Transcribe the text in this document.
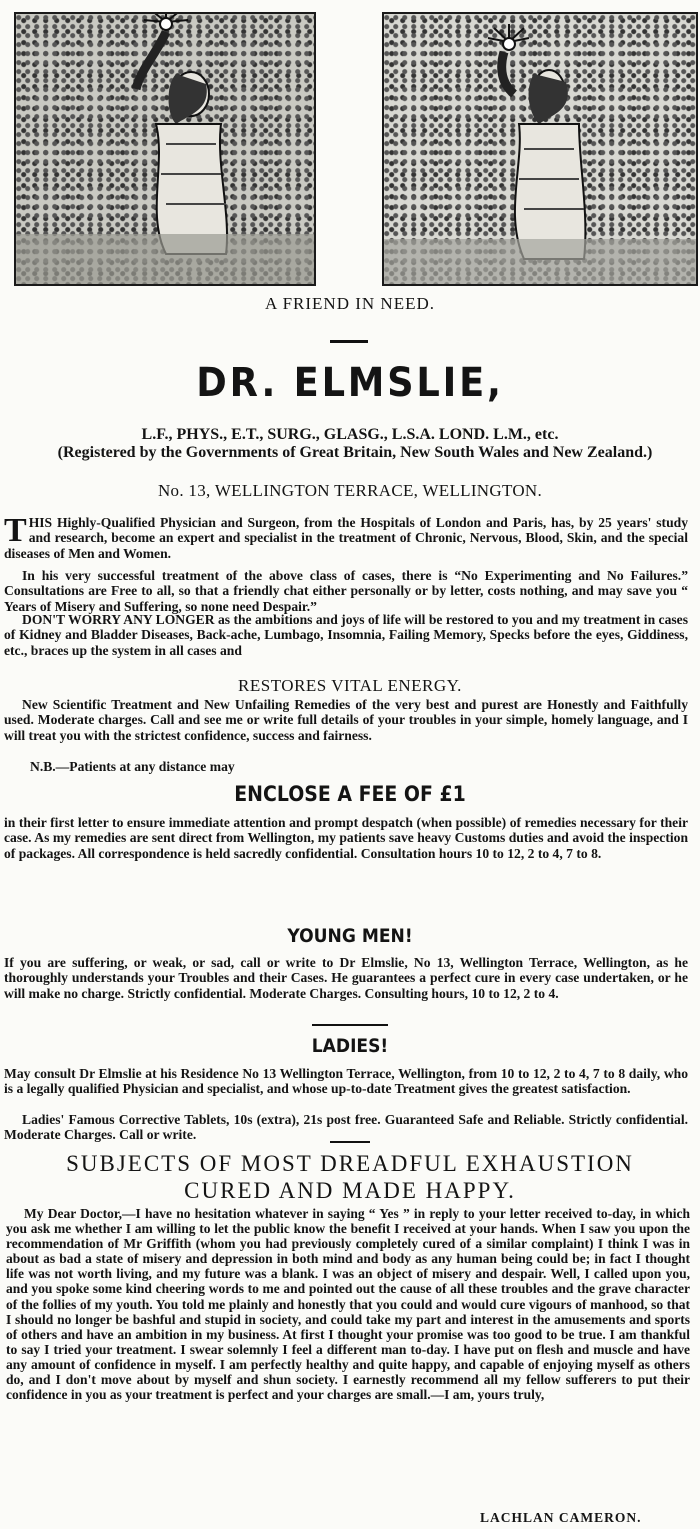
A FRIEND IN NEED.
DR. ELMSLIE,
L.F., PHYS., E.T., SURG., GLASG., L.S.A. LOND. L.M., etc.
(Registered by the Governments of Great Britain, New South Wales and New Zealand.)
No. 13, WELLINGTON TERRACE, WELLINGTON.
THIS Highly-Qualified Physician and Surgeon, from the Hospitals of London and Paris, has, by 25 years' study and research, become an expert and specialist in the treatment of Chronic, Nervous, Blood, Skin, and the special diseases of Men and Women.
In his very successful treatment of the above class of cases, there is “No Experimenting and No Failures.” Consultations are Free to all, so that a friendly chat either personally or by letter, costs nothing, and may save you “ Years of Misery and Suffering, so none need Despair.”
DON'T WORRY ANY LONGER as the ambitions and joys of life will be restored to you and my treatment in cases of Kidney and Bladder Diseases, Back-ache, Lumbago, Insomnia, Failing Memory, Specks before the eyes, Giddiness, etc., braces up the system in all cases and
RESTORES VITAL ENERGY.
New Scientific Treatment and New Unfailing Remedies of the very best and purest are Honestly and Faithfully used. Moderate charges. Call and see me or write full details of your troubles in your simple, homely language, and I will treat you with the strictest confidence, success and fairness.
N.B.—Patients at any distance may
ENCLOSE A FEE OF £1
in their first letter to ensure immediate attention and prompt despatch (when possible) of remedies necessary for their case. As my remedies are sent direct from Wellington, my patients save heavy Customs duties and avoid the inspection of packages. All correspondence is held sacredly confidential. Consultation hours 10 to 12, 2 to 4, 7 to 8.
YOUNG MEN!
If you are suffering, or weak, or sad, call or write to Dr Elmslie, No 13, Wellington Terrace, Wellington, as he thoroughly understands your Troubles and their Cases. He guarantees a perfect cure in every case undertaken, or he will make no charge. Strictly confidential. Moderate Charges. Consulting hours, 10 to 12, 2 to 4.
LADIES!
May consult Dr Elmslie at his Residence No 13 Wellington Terrace, Wellington, from 10 to 12, 2 to 4, 7 to 8 daily, who is a legally qualified Physician and specialist, and whose up-to-date Treatment gives the greatest satisfaction.
Ladies' Famous Corrective Tablets, 10s (extra), 21s post free. Guaranteed Safe and Reliable. Strictly confidential. Moderate Charges. Call or write.
SUBJECTS OF MOST DREADFUL EXHAUSTION
CURED AND MADE HAPPY.
My Dear Doctor,—I have no hesitation whatever in saying “ Yes ” in reply to your letter received to-day, in which you ask me whether I am willing to let the public know the benefit I received at your hands. When I saw you upon the recommendation of Mr Griffith (whom you had previously completely cured of a similar complaint) I think I was in about as bad a state of misery and depression in both mind and body as any human being could be; in fact I thought life was not worth living, and my future was a blank. I was an object of misery and despair. Well, I called upon you, and you spoke some kind cheering words to me and pointed out the cause of all these troubles and the grave character of the follies of my youth. You told me plainly and honestly that you could and would cure vigours of manhood, so that I should no longer be bashful and stupid in society, and could take my part and interest in the amusements and sports of others and have an ambition in my business. At first I thought your promise was too good to be true. I am thankful to say I tried your treatment. I swear solemnly I feel a different man to-day. I have put on flesh and muscle and have any amount of confidence in myself. I am perfectly healthy and quite happy, and capable of enjoying myself as others do, and I don't move about by myself and shun society. I earnestly recommend all my fellow sufferers to put their confidence in you as your treatment is perfect and your charges are small.—I am, yours truly,
LACHLAN CAMERON.
